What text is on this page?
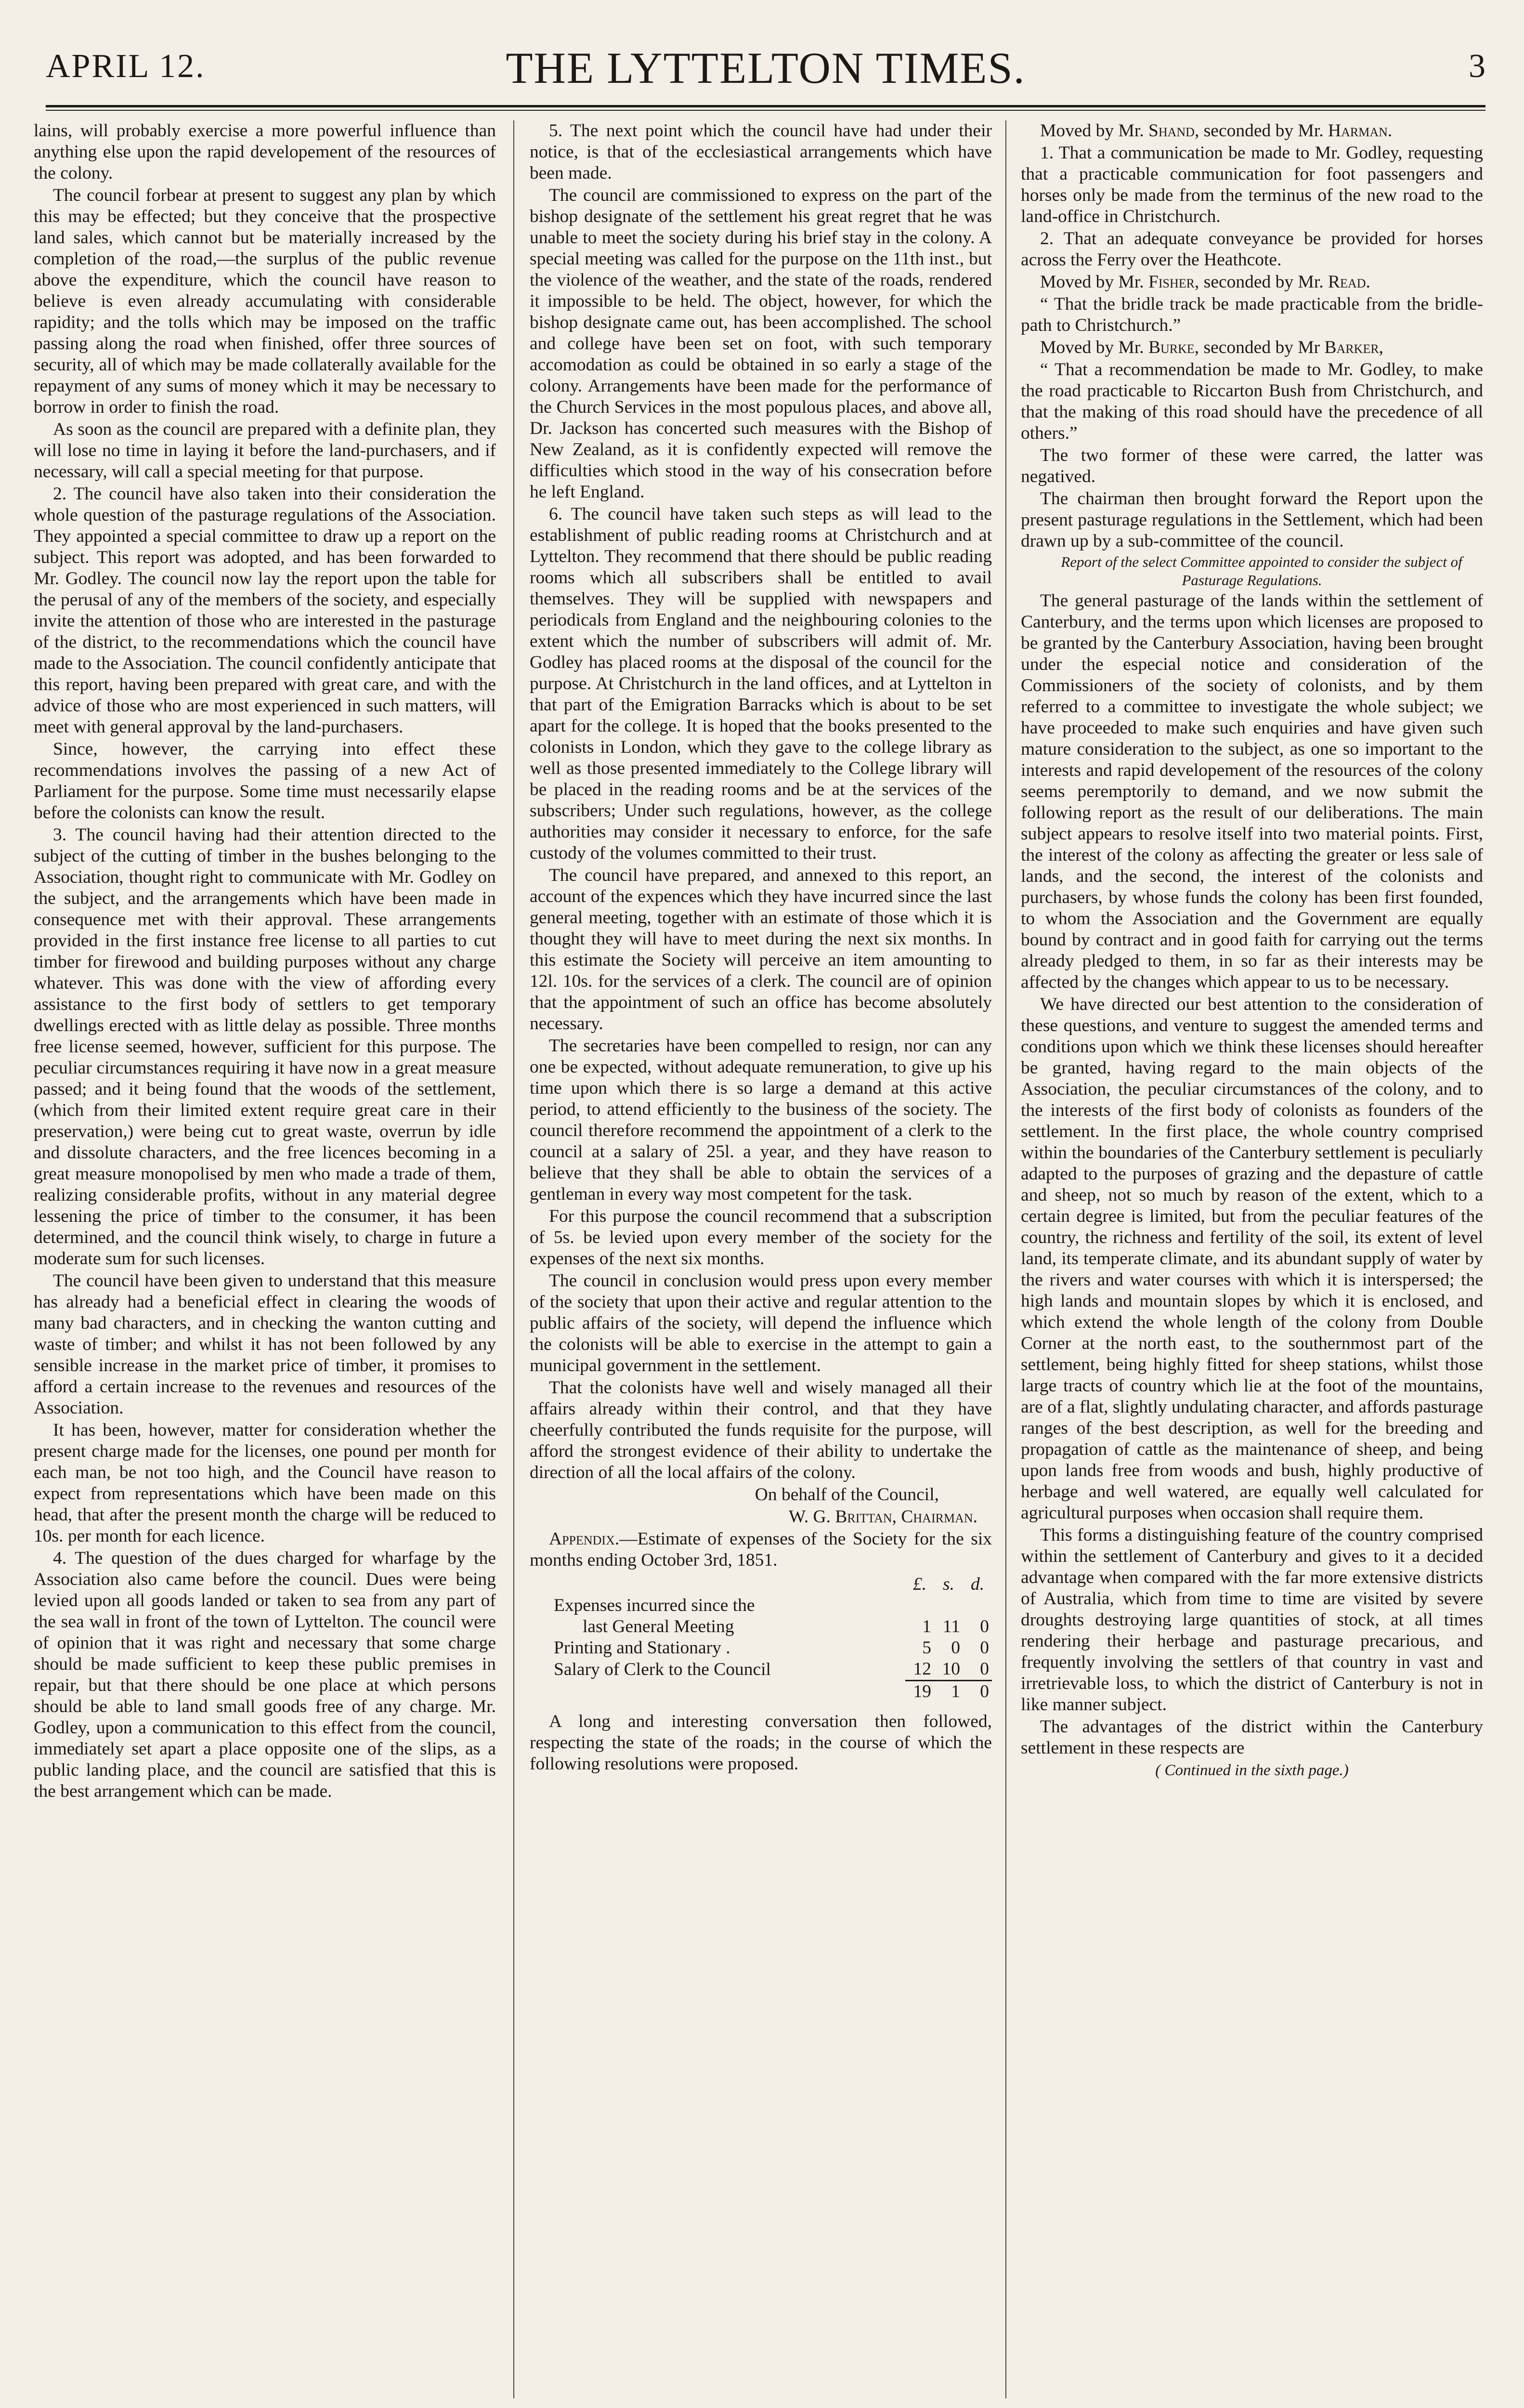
APRIL 12.	THE LYTTELTON TIMES.	3

lains, will probably exercise a more powerful influence than anything else upon the rapid developement of the resources of the colony.

The council forbear at present to suggest any plan by which this may be effected; but they conceive that the prospective land sales, which cannot but be materially increased by the completion of the road,—the surplus of the public revenue above the expenditure, which the council have reason to believe is even already accumulating with considerable rapidity; and the tolls which may be imposed on the traffic passing along the road when finished, offer three sources of security, all of which may be made collaterally available for the repayment of any sums of money which it may be necessary to borrow in order to finish the road.

As soon as the council are prepared with a definite plan, they will lose no time in laying it before the land-purchasers, and if necessary, will call a special meeting for that purpose.

2. The council have also taken into their consideration the whole question of the pasturage regulations of the Association. They appointed a special committee to draw up a report on the subject. This report was adopted, and has been forwarded to Mr. Godley. The council now lay the report upon the table for the perusal of any of the members of the society, and especially invite the attention of those who are interested in the pasturage of the district, to the recommendations which the council have made to the Association. The council confidently anticipate that this report, having been prepared with great care, and with the advice of those who are most experienced in such matters, will meet with general approval by the land-purchasers.

Since, however, the carrying into effect these recommendations involves the passing of a new Act of Parliament for the purpose. Some time must necessarily elapse before the colonists can know the result.

3. The council having had their attention directed to the subject of the cutting of timber in the bushes belonging to the Association, thought right to communicate with Mr. Godley on the subject, and the arrangements which have been made in consequence met with their approval. These arrangements provided in the first instance free license to all parties to cut timber for firewood and building purposes without any charge whatever. This was done with the view of affording every assistance to the first body of settlers to get temporary dwellings erected with as little delay as possible. Three months free license seemed, however, sufficient for this purpose. The peculiar circumstances requiring it have now in a great measure passed; and it being found that the woods of the settlement, (which from their limited extent require great care in their preservation,) were being cut to great waste, overrun by idle and dissolute characters, and the free licences becoming in a great measure monopolised by men who made a trade of them, realizing considerable profits, without in any material degree lessening the price of timber to the consumer, it has been determined, and the council think wisely, to charge in future a moderate sum for such licenses.

The council have been given to understand that this measure has already had a beneficial effect in clearing the woods of many bad characters, and in checking the wanton cutting and waste of timber; and whilst it has not been followed by any sensible increase in the market price of timber, it promises to afford a certain increase to the revenues and resources of the Association.

It has been, however, matter for consideration whether the present charge made for the licenses, one pound per month for each man, be not too high, and the Council have reason to expect from representations which have been made on this head, that after the present month the charge will be reduced to 10s. per month for each licence.

4. The question of the dues charged for wharfage by the Association also came before the council. Dues were being levied upon all goods landed or taken to sea from any part of the sea wall in front of the town of Lyttelton. The council were of opinion that it was right and necessary that some charge should be made sufficient to keep these public premises in repair, but that there should be one place at which persons should be able to land small goods free of any charge. Mr. Godley, upon a communication to this effect from the council, immediately set apart a place opposite one of the slips, as a public landing place, and the council are satisfied that this is the best arrangement which can be made.

5. The next point which the council have had under their notice, is that of the ecclesiastical arrangements which have been made.

The council are commissioned to express on the part of the bishop designate of the settlement his great regret that he was unable to meet the society during his brief stay in the colony. A special meeting was called for the purpose on the 11th inst., but the violence of the weather, and the state of the roads, rendered it impossible to be held. The object, however, for which the bishop designate came out, has been accomplished. The school and college have been set on foot, with such temporary accomodation as could be obtained in so early a stage of the colony. Arrangements have been made for the performance of the Church Services in the most populous places, and above all, Dr. Jackson has concerted such measures with the Bishop of New Zealand, as it is confidently expected will remove the difficulties which stood in the way of his consecration before he left England.

6. The council have taken such steps as will lead to the establishment of public reading rooms at Christchurch and at Lyttelton. They recommend that there should be public reading rooms which all subscribers shall be entitled to avail themselves. They will be supplied with newspapers and periodicals from England and the neighbouring colonies to the extent which the number of subscribers will admit of. Mr. Godley has placed rooms at the disposal of the council for the purpose. At Christchurch in the land offices, and at Lyttelton in that part of the Emigration Barracks which is about to be set apart for the college. It is hoped that the books presented to the colonists in London, which they gave to the college library as well as those presented immediately to the College library will be placed in the reading rooms and be at the services of the subscribers; Under such regulations, however, as the college authorities may consider it necessary to enforce, for the safe custody of the volumes committed to their trust.

The council have prepared, and annexed to this report, an account of the expences which they have incurred since the last general meeting, together with an estimate of those which it is thought they will have to meet during the next six months. In this estimate the Society will perceive an item amounting to 12l. 10s. for the services of a clerk. The council are of opinion that the appointment of such an office has become absolutely necessary.

The secretaries have been compelled to resign, nor can any one be expected, without adequate remuneration, to give up his time upon which there is so large a demand at this active period, to attend efficiently to the business of the society. The council therefore recommend the appointment of a clerk to the council at a salary of 25l. a year, and they have reason to believe that they shall be able to obtain the services of a gentleman in every way most competent for the task.

For this purpose the council recommend that a subscription of 5s. be levied upon every member of the society for the expenses of the next six months.

The council in conclusion would press upon every member of the society that upon their active and regular attention to the public affairs of the society, will depend the influence which the colonists will be able to exercise in the attempt to gain a municipal government in the settlement.

That the colonists have well and wisely managed all their affairs already within their control, and that they have cheerfully contributed the funds requisite for the purpose, will afford the strongest evidence of their ability to undertake the direction of all the local affairs of the colony.

On behalf of the Council,

W. G. Brittan, Chairman.

Appendix.—Estimate of expenses of the Society for the six months ending October 3rd, 1851.

	£.	s.	d.
Expenses incurred since the			
last General Meeting	1	11	0
Printing and Stationary .	5	0	0
Salary of Clerk to the Council	12	10	0
	19	1	0

A long and interesting conversation then followed, respecting the state of the roads; in the course of which the following resolutions were proposed.

Moved by Mr. Shand, seconded by Mr. Harman.

1. That a communication be made to Mr. Godley, requesting that a practicable communication for foot passengers and horses only be made from the terminus of the new road to the land-office in Christchurch.

2. That an adequate conveyance be provided for horses across the Ferry over the Heathcote.

Moved by Mr. Fisher, seconded by Mr. Read.

“ That the bridle track be made practicable from the bridle-path to Christchurch.”

Moved by Mr. Burke, seconded by Mr Barker,

“ That a recommendation be made to Mr. Godley, to make the road practicable to Riccarton Bush from Christchurch, and that the making of this road should have the precedence of all others.”

The two former of these were carred, the latter was negatived.

The chairman then brought forward the Report upon the present pasturage regulations in the Settlement, which had been drawn up by a sub-committee of the council.

Report of the select Committee appointed to consider the subject of Pasturage Regulations.

The general pasturage of the lands within the settlement of Canterbury, and the terms upon which licenses are proposed to be granted by the Canterbury Association, having been brought under the especial notice and consideration of the Commissioners of the society of colonists, and by them referred to a committee to investigate the whole subject; we have proceeded to make such enquiries and have given such mature consideration to the subject, as one so important to the interests and rapid developement of the resources of the colony seems peremptorily to demand, and we now submit the following report as the result of our deliberations. The main subject appears to resolve itself into two material points. First, the interest of the colony as affecting the greater or less sale of lands, and the second, the interest of the colonists and purchasers, by whose funds the colony has been first founded, to whom the Association and the Government are equally bound by contract and in good faith for carrying out the terms already pledged to them, in so far as their interests may be affected by the changes which appear to us to be necessary.

We have directed our best attention to the consideration of these questions, and venture to suggest the amended terms and conditions upon which we think these licenses should hereafter be granted, having regard to the main objects of the Association, the peculiar circumstances of the colony, and to the interests of the first body of colonists as founders of the settlement. In the first place, the whole country comprised within the boundaries of the Canterbury settlement is peculiarly adapted to the purposes of grazing and the depasture of cattle and sheep, not so much by reason of the extent, which to a certain degree is limited, but from the peculiar features of the country, the richness and fertility of the soil, its extent of level land, its temperate climate, and its abundant supply of water by the rivers and water courses with which it is interspersed; the high lands and mountain slopes by which it is enclosed, and which extend the whole length of the colony from Double Corner at the north east, to the southernmost part of the settlement, being highly fitted for sheep stations, whilst those large tracts of country which lie at the foot of the mountains, are of a flat, slightly undulating character, and affords pasturage ranges of the best description, as well for the breeding and propagation of cattle as the maintenance of sheep, and being upon lands free from woods and bush, highly productive of herbage and well watered, are equally well calculated for agricultural purposes when occasion shall require them.

This forms a distinguishing feature of the country comprised within the settlement of Canterbury and gives to it a decided advantage when compared with the far more extensive districts of Australia, which from time to time are visited by severe droughts destroying large quantities of stock, at all times rendering their herbage and pasturage precarious, and frequently involving the settlers of that country in vast and irretrievable loss, to which the district of Canterbury is not in like manner subject.

The advantages of the district within the Canterbury settlement in these respects are

( Continued in the sixth page.)
